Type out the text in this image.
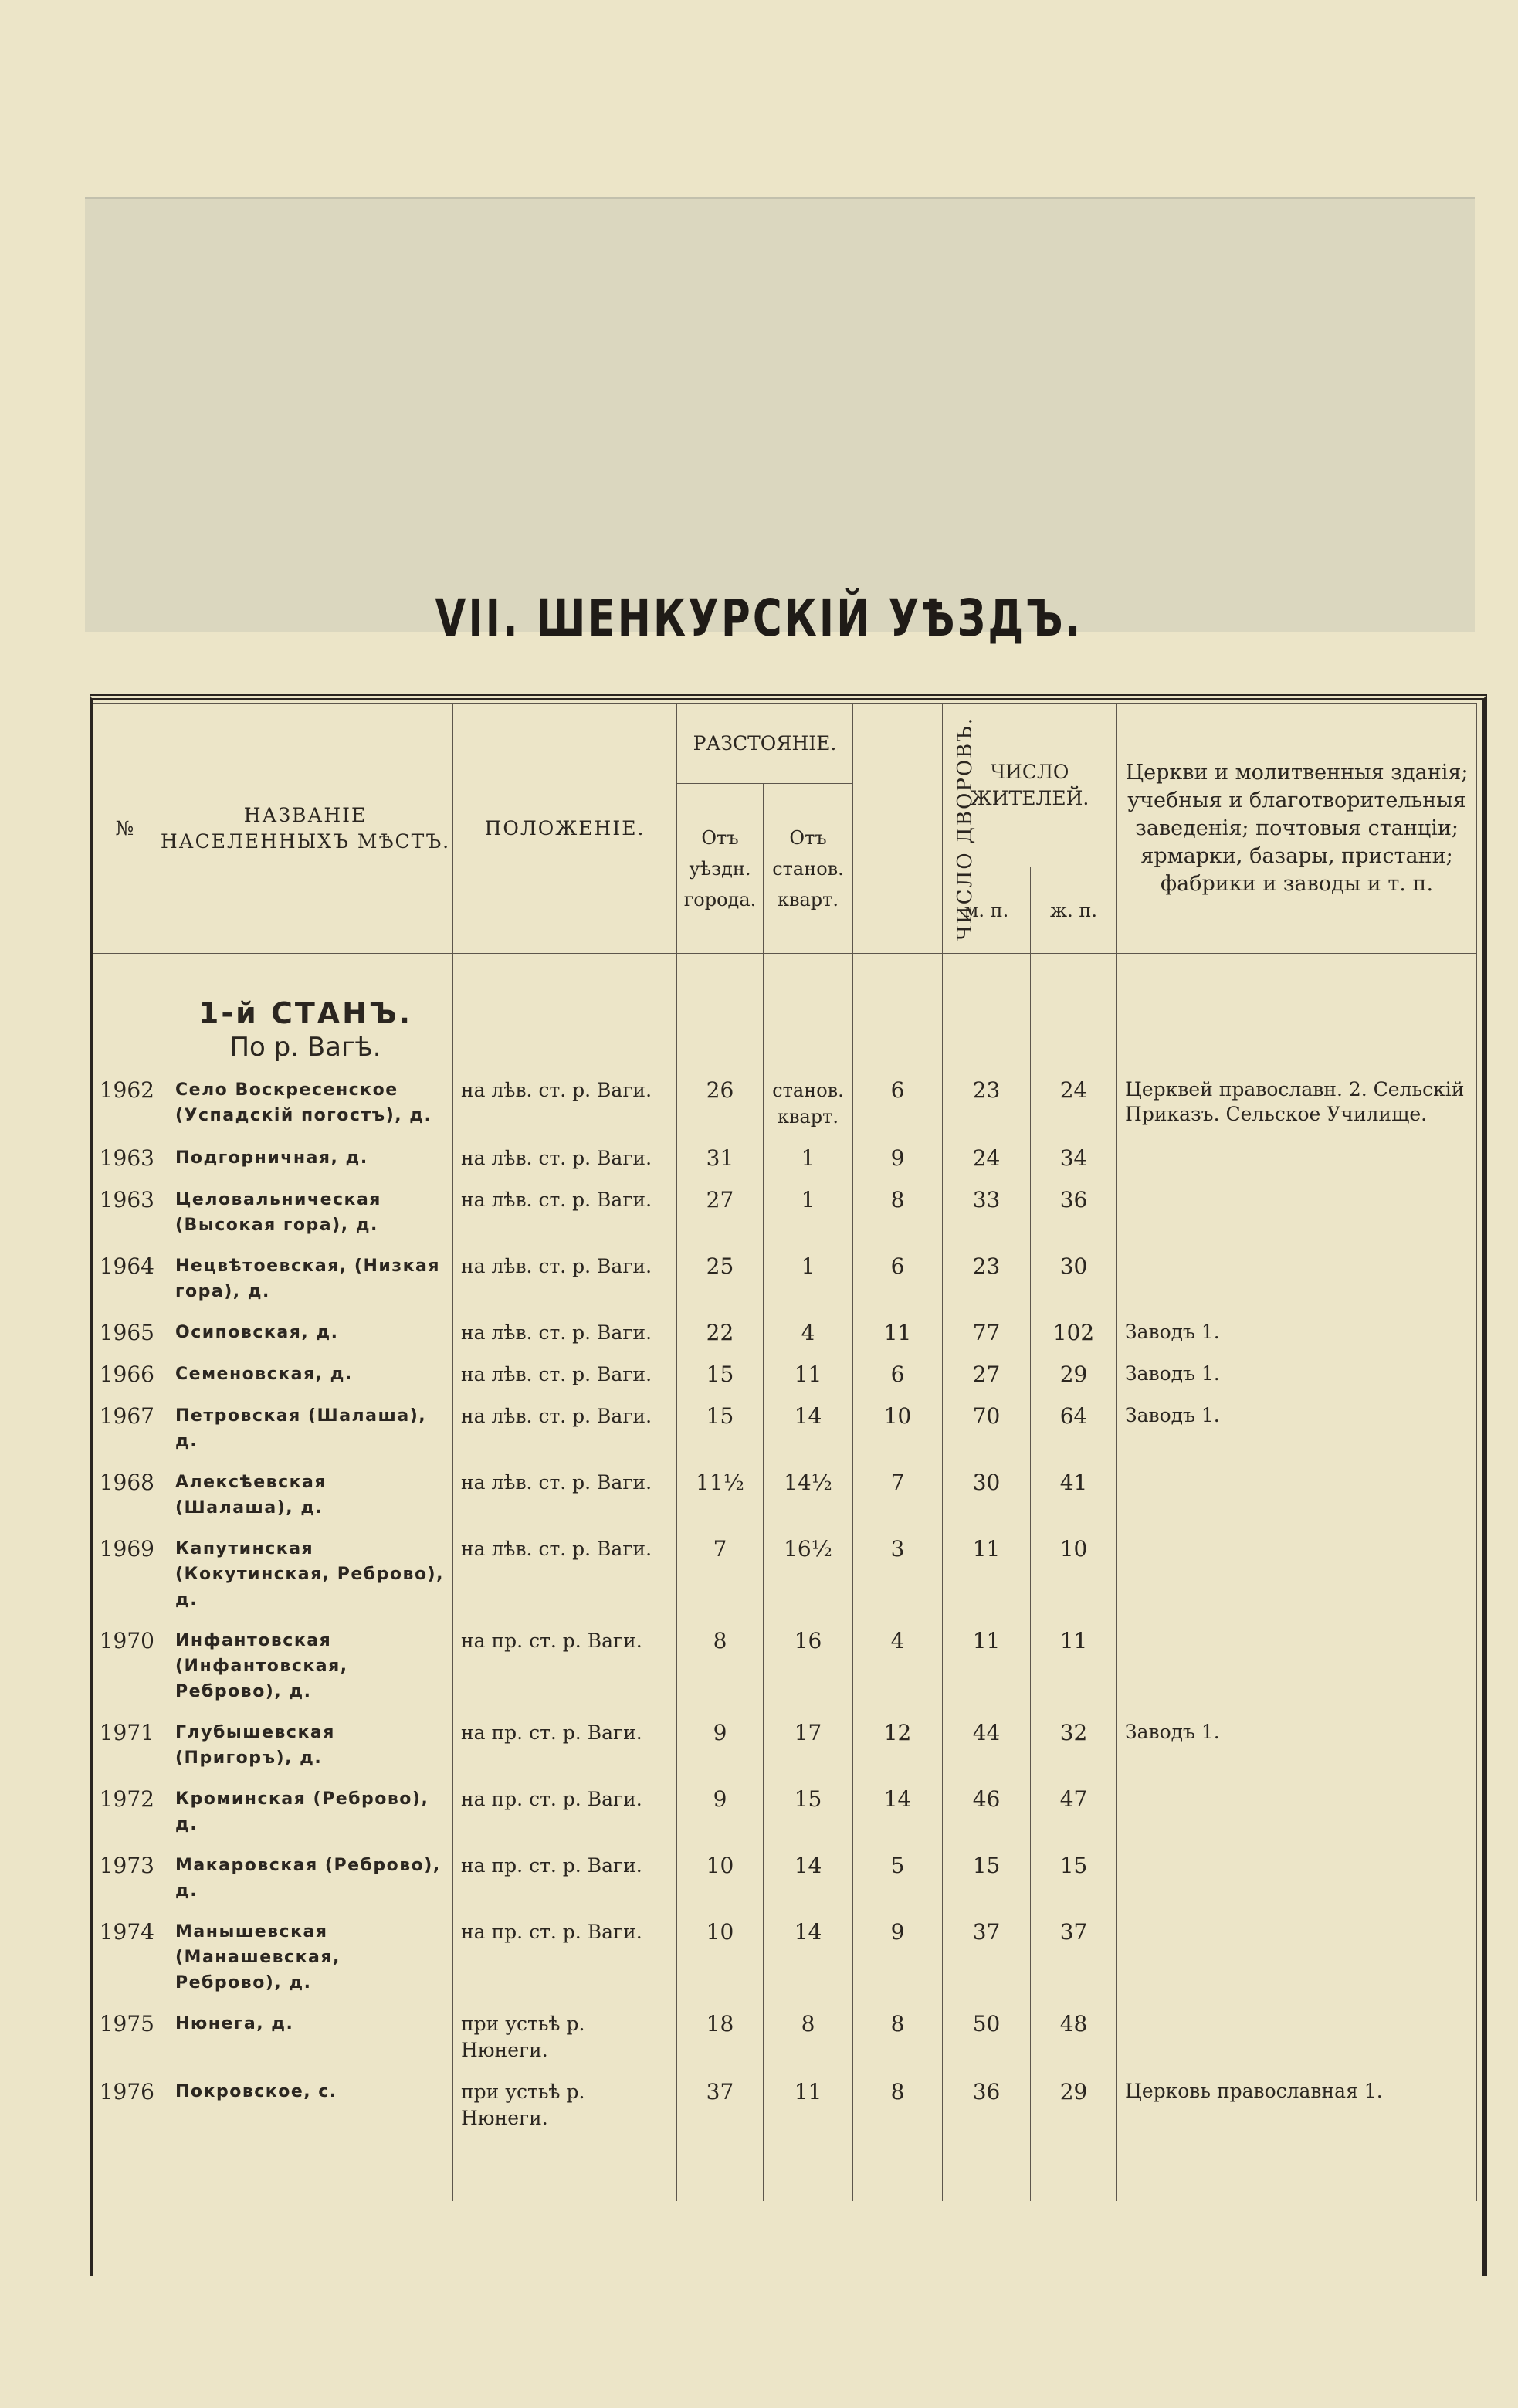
VII. ШЕНКУРСКІЙ УѢЗДЪ.
№	НАЗВАНІЕ НАСЕЛЕННЫХЪ МѢСТЪ.	ПОЛОЖЕНІЕ.	РАЗСТОЯНІЕ.		ЧИСЛО ДВОРОВЪ.	ЧИСЛО ЖИТЕЛЕЙ.		Церкви и молитвенныя зданія; учебныя и благотворительныя заведенія; почтовыя станціи; ярмарки, базары, пристани; фабрики и заводы и т. п.
			Отъ уѣздн. города.	Отъ станов. кварт.				
						м. п.	ж. п.	

	1-й СТАНЪ.
По р. Вагѣ.							

1962	Село Воскресенское (Успадскій погостъ), д.	на лѣв. ст. р. Ваги.	26	станов. кварт.	6	23	24	Церквей православн. 2. Сельскій Приказъ. Сельское Училище.
1963	Подгорничная, д.	на лѣв. ст. р. Ваги.	31	1	9	24	34	
1963	Целовальническая (Высокая гора), д.	на лѣв. ст. р. Ваги.	27	1	8	33	36	
1964	Нецвѣтоевская, (Низкая гора), д.	на лѣв. ст. р. Ваги.	25	1	6	23	30	
1965	Осиповская, д.	на лѣв. ст. р. Ваги.	22	4	11	77	102	Заводъ 1.
1966	Семеновская, д.	на лѣв. ст. р. Ваги.	15	11	6	27	29	Заводъ 1.
1967	Петровская (Шалаша), д.	на лѣв. ст. р. Ваги.	15	14	10	70	64	Заводъ 1.
1968	Алексѣевская (Шалаша), д.	на лѣв. ст. р. Ваги.	11½	14½	7	30	41	
1969	Капутинская (Кокутинская, Реброво), д.	на лѣв. ст. р. Ваги.	7	16½	3	11	10	
1970	Инфантовская (Инфантовская, Реброво), д.	на пр. ст. р. Ваги.	8	16	4	11	11	
1971	Глубышевская (Пригоръ), д.	на пр. ст. р. Ваги.	9	17	12	44	32	Заводъ 1.
1972	Кроминская (Реброво), д.	на пр. ст. р. Ваги.	9	15	14	46	47	
1973	Макаровская (Реброво), д.	на пр. ст. р. Ваги.	10	14	5	15	15	
1974	Манышевская (Манашевская, Реброво), д.	на пр. ст. р. Ваги.	10	14	9	37	37	
1975	Нюнега, д.	при устьѣ р. Нюнеги.	18	8	8	50	48	
1976	Покровское, с.	при устьѣ р. Нюнеги.	37	11	8	36	29	Церковь православная 1.
